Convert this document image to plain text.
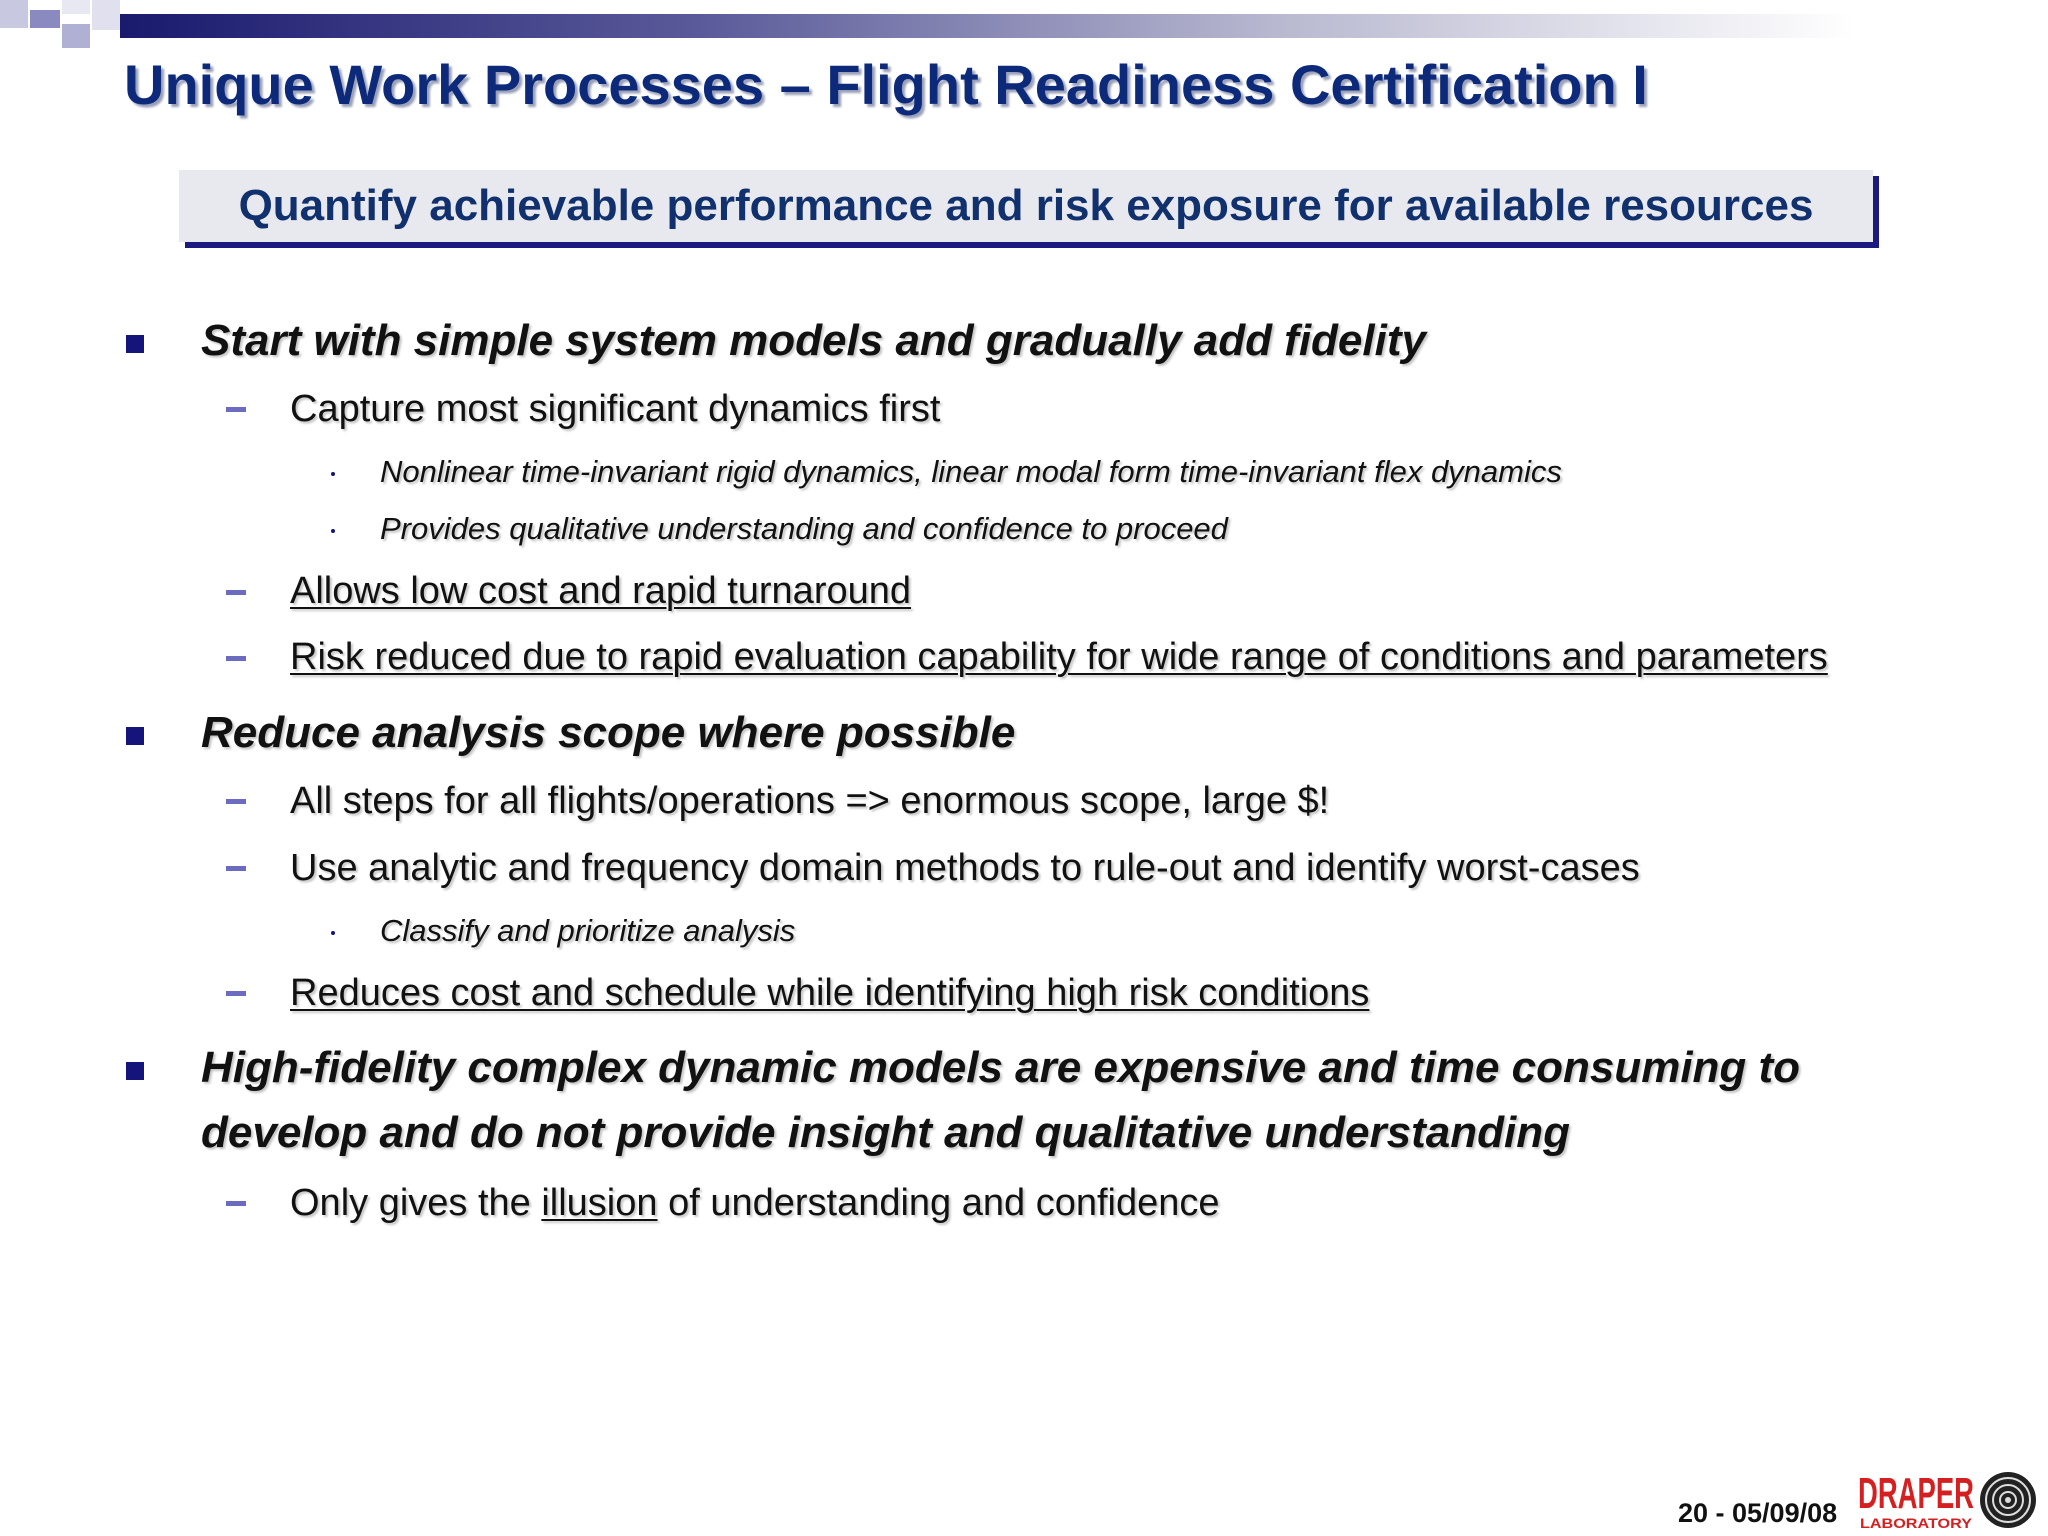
Unique Work Processes – Flight Readiness Certification I
Quantify achievable performance and risk exposure for available resources
Start with simple system models and gradually add fidelity
Capture most significant dynamics first
Nonlinear time-invariant rigid dynamics, linear modal form time-invariant flex dynamics
Provides qualitative understanding and confidence to proceed
Allows low cost and rapid turnaround
Risk reduced due to rapid evaluation capability for wide range of conditions and parameters
Reduce analysis scope where possible
All steps for all flights/operations => enormous scope, large $!
Use analytic and frequency domain methods to rule-out and identify worst-cases
Classify and prioritize analysis
Reduces cost and schedule while identifying high risk conditions
High-fidelity complex dynamic models are expensive and time consuming to develop and do not provide insight and qualitative understanding
Only gives the illusion of understanding and confidence
20 - 05/09/08 DRAPER
LABORATORY
